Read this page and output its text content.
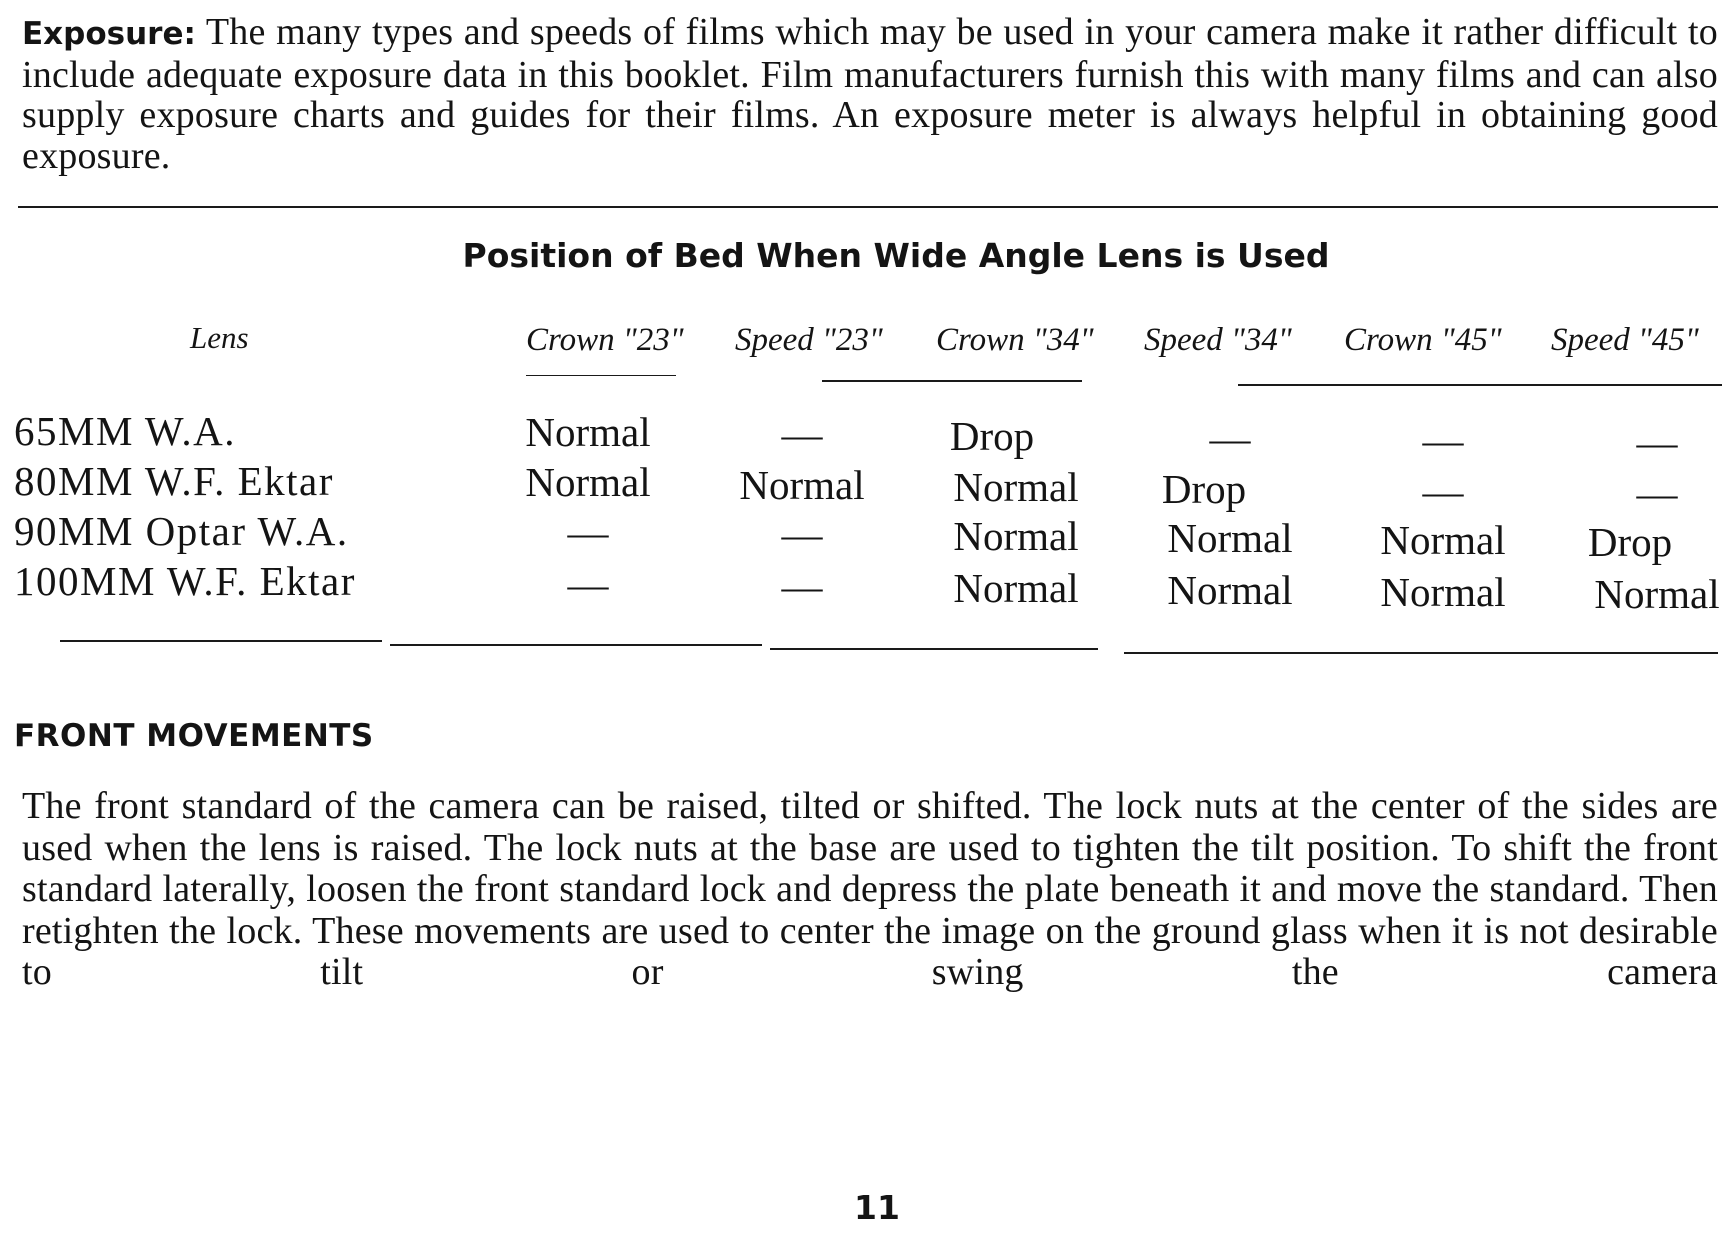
Exposure: The many types and speeds of films which may be used in your camera make it rather difficult to include adequate exposure data in this booklet. Film manufacturers furnish this with many films and can also supply exposure charts and guides for their films. An exposure meter is always helpful in obtaining good exposure.
Position of Bed When Wide Angle Lens is Used
Lens	Crown "23" Speed "23" Crown "34" Speed "34" Crown "45" Speed "45"
65MM W.A.	Normal	—	Drop	—	—	—
80MM W.F. Ektar	Normal	Normal	Normal	Drop	—	—
90MM Optar W.A.	—	—	Normal	Normal	Normal	Drop
100MM W.F. Ektar	—	—	Normal	Normal	Normal	Normal
FRONT MOVEMENTS
The front standard of the camera can be raised, tilted or shifted. The lock nuts at the center of the sides are used when the lens is raised. The lock nuts at the base are used to tighten the tilt position. To shift the front standard laterally, loosen the front standard lock and depress the plate beneath it and move the standard. Then retighten the lock. These movements are used to center the image on the ground glass when it is not desirable to tilt or swing the camera
11
